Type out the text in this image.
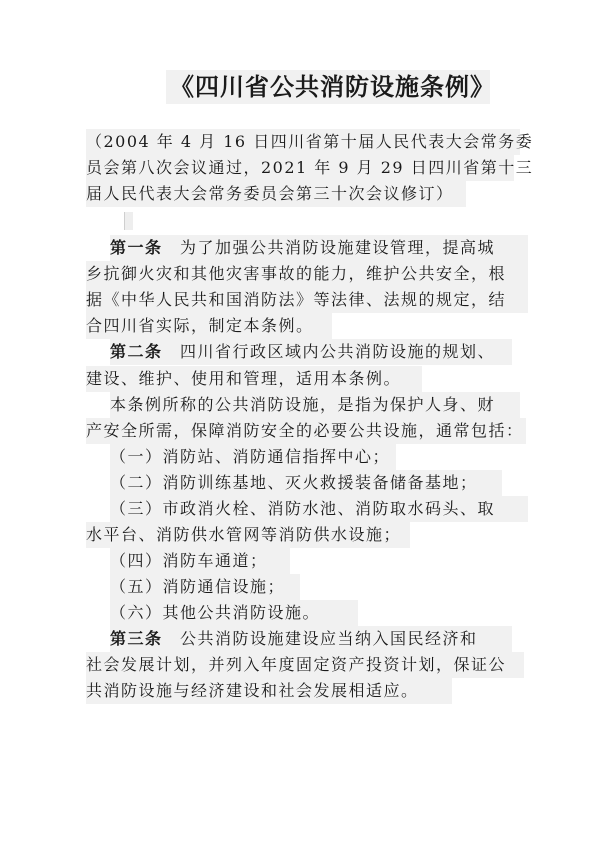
《四川省公共消防设施条例》
（2004 年 4 月 16 日四川省第十届人民代表大会常务委
员会第八次会议通过，2021 年 9 月 29 日四川省第十三
届人民代表大会常务委员会第三十次会议修订）
第一条　为了加强公共消防设施建设管理，提高城
乡抗御火灾和其他灾害事故的能力，维护公共安全，根
据《中华人民共和国消防法》等法律、法规的规定，结
合四川省实际，制定本条例。
第二条　四川省行政区域内公共消防设施的规划、
建设、维护、使用和管理，适用本条例。
本条例所称的公共消防设施，是指为保护人身、财
产安全所需，保障消防安全的必要公共设施，通常包括：
（一）消防站、消防通信指挥中心；
（二）消防训练基地、灭火救援装备储备基地；
（三）市政消火栓、消防水池、消防取水码头、取
水平台、消防供水管网等消防供水设施；
（四）消防车通道；
（五）消防通信设施；
（六）其他公共消防设施。
第三条　公共消防设施建设应当纳入国民经济和
社会发展计划，并列入年度固定资产投资计划，保证公
共消防设施与经济建设和社会发展相适应。
